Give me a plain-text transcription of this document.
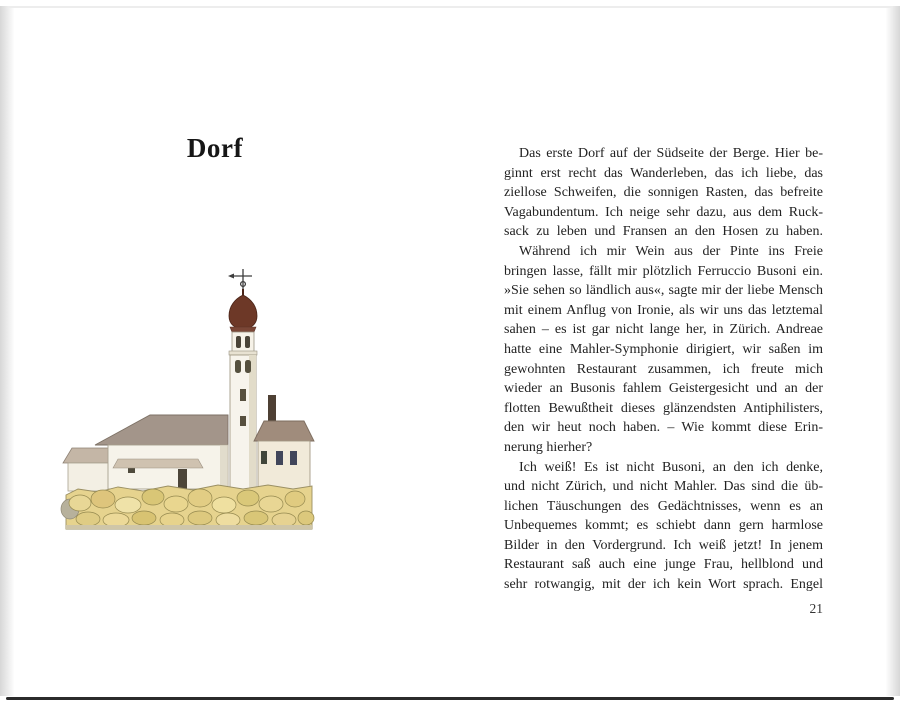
Dorf	Das erste Dorf auf der Südseite der Berge. Hier be-
ginnt erst recht das Wanderleben, das ich liebe, das
ziellose Schweifen, die sonnigen Rasten, das befreite
Vagabundentum. Ich neige sehr dazu, aus dem Ruck-
sack zu leben und Fransen an den Hosen zu haben.
Während ich mir Wein aus der Pinte ins Freie
bringen lasse, fällt mir plötzlich Ferruccio Busoni ein.
»Sie sehen so ländlich aus«, sagte mir der liebe Mensch
mit einem Anflug von Ironie, als wir uns das letztemal
sahen – es ist gar nicht lange her, in Zürich. Andreae
hatte eine Mahler-Symphonie dirigiert, wir saßen im
gewohnten Restaurant zusammen, ich freute mich
wieder an Busonis fahlem Geistergesicht und an der
flotten Bewußtheit dieses glänzendsten Antiphilisters,
den wir heut noch haben. – Wie kommt diese Erin-
nerung hierher?
Ich weiß! Es ist nicht Busoni, an den ich denke,
und nicht Zürich, und nicht Mahler. Das sind die üb-
lichen Täuschungen des Gedächtnisses, wenn es an
Unbequemes kommt; es schiebt dann gern harmlose
Bilder in den Vordergrund. Ich weiß jetzt! In jenem
Restaurant saß auch eine junge Frau, hellblond und
sehr rotwangig, mit der ich kein Wort sprach. Engel
21
